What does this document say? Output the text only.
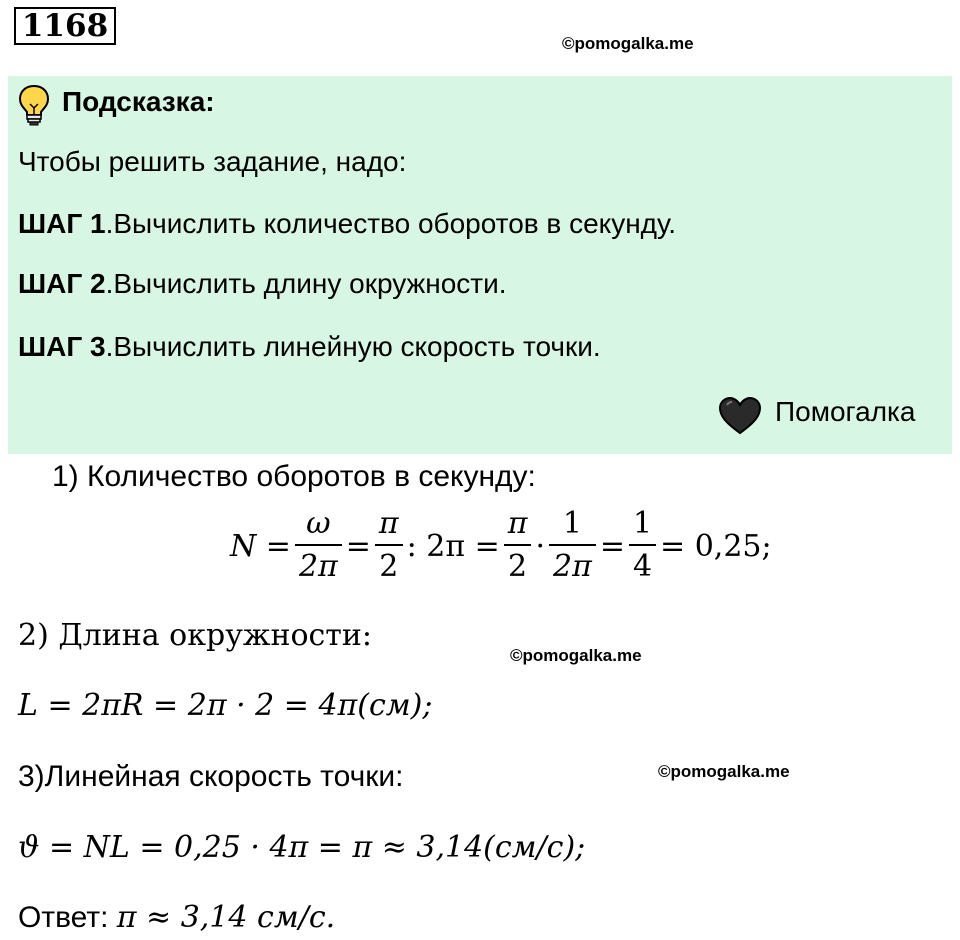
1168	©pomogalka.me
Подсказка:
Чтобы решить задание, надо:
ШАГ 1.Вычислить количество оборотов в секунду.
ШАГ 2.Вычислить длину окружности.
ШАГ 3.Вычислить линейную скорость точки.
Помогалка
1) Количество оборотов в секунду:
$N = \frac{\omega}{2\pi} = \frac{\pi}{2}$ : $2\pi = \frac{\pi}{2} \cdot \frac{1}{2\pi} = \frac{1}{4} = 0,25$;
2) Длина окружности:
©pomogalka.me
L = 2πR = 2π · 2 = 4π(см);
3)Линейная скорость точки:	©pomogalka.me
ϑ = NL = 0,25 · 4π = π ≈ 3,14(см/с);
Ответ: π ≈ 3,14 см/с.
